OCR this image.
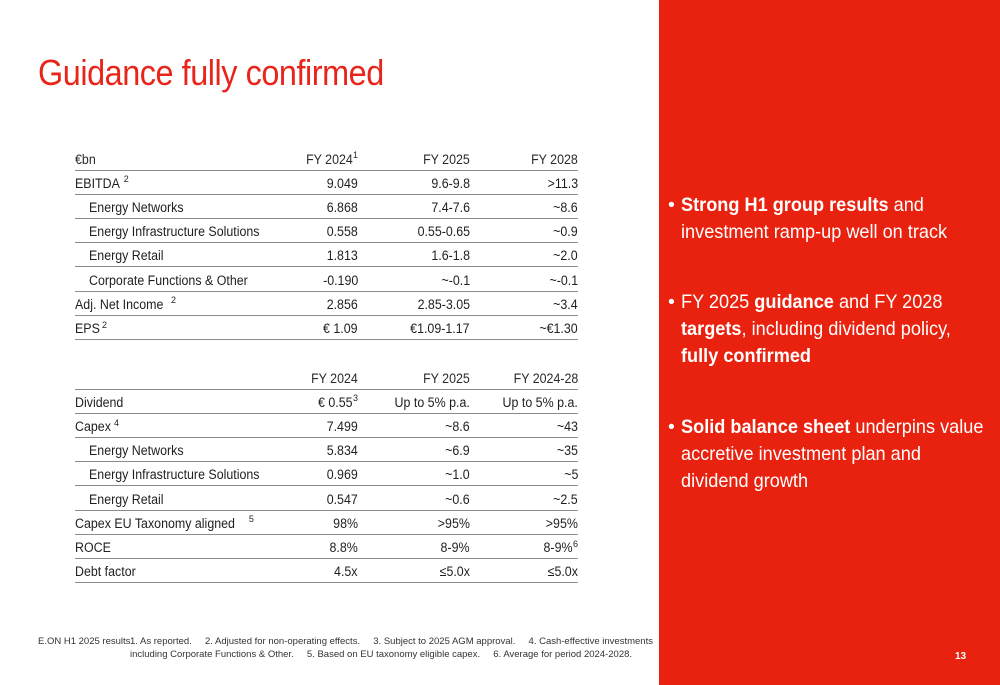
Guidance fully confirmed
€bn	FY 2024$^1$	FY 2025	FY 2028
EBITDA $^2$	9.049	9.6-9.8	>11.3
Energy Networks	6.868	7.4-7.6	~8.6
Energy Infrastructure Solutions	0.558	0.55-0.65	~0.9
Energy Retail	1.813	1.6-1.8	~2.0
Corporate Functions & Other	-0.190	~-0.1	~-0.1
Adj. Net Income $^2$	2.856	2.85-3.05	~3.4
EPS $^2$	€ 1.09	€1.09-1.17	~€1.30
	FY 2024	FY 2025	FY 2024-28
Dividend	€ 0.55$^3$	Up to 5% p.a.	Up to 5% p.a.
Capex $^4$	7.499	~8.6	~43
Energy Networks	5.834	~6.9	~35
Energy Infrastructure Solutions	0.969	~1.0	~5
Energy Retail	0.547	~0.6	~2.5
Capex EU Taxonomy aligned $^5$	98%	>95%	>95%
ROCE	8.8%	8-9%	8-9%$^6$
Debt factor	4.5x	≤5.0x	≤5.0x
E.ON H1 2025 results1. As reported.     2. Adjusted for non-operating effects.     3. Subject to 2025 AGM approval.     4. Cash-effective investments
including Corporate Functions & Other.     5. Based on EU taxonomy eligible capex.     6. Average for period 2024-2028.
• Strong H1 group results and investment ramp-up well on track
• FY 2025 guidance and FY 2028 targets, including dividend policy, fully confirmed
• Solid balance sheet underpins value accretive investment plan and dividend growth
13
